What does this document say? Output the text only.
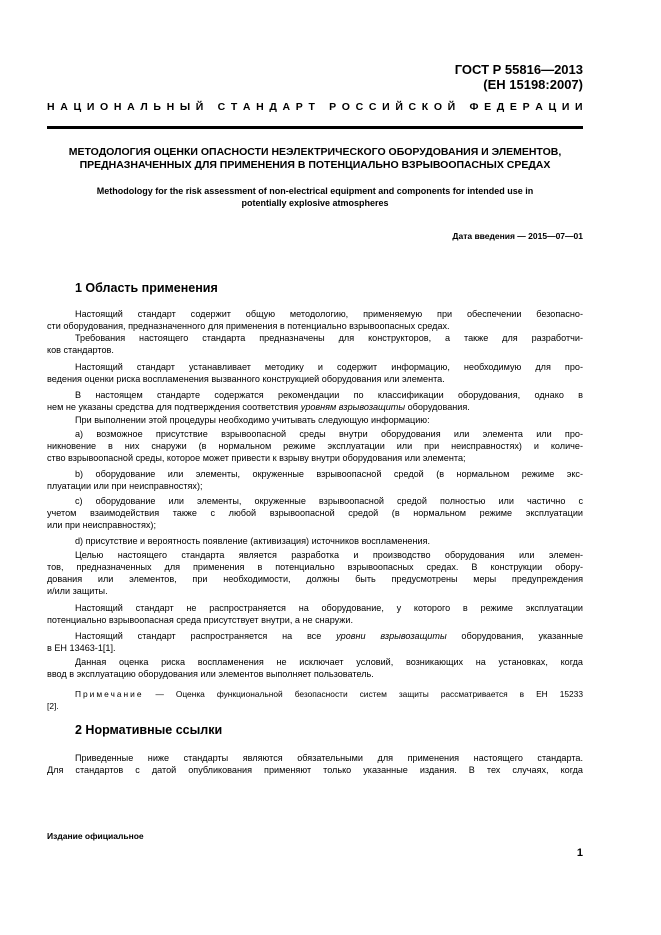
ГОСТ Р 55816—2013
(ЕН 15198:2007)
Н А Ц И О Н А Л Ь Н Ы Й
С Т А Н Д А Р Т
Р О С С И Й С К О Й
Ф Е Д Е Р А Ц И И
МЕТОДОЛОГИЯ ОЦЕНКИ ОПАСНОСТИ НЕЭЛЕКТРИЧЕСКОГО ОБОРУДОВАНИЯ И ЭЛЕМЕНТОВ,
ПРЕДНАЗНАЧЕННЫХ ДЛЯ ПРИМЕНЕНИЯ В ПОТЕНЦИАЛЬНО ВЗРЫВООПАСНЫХ СРЕДАХ
Methodology for the risk assessment of non-electrical equipment and components for intended use in
potentially explosive atmospheres
Дата введения — 2015—07—01
1 Область применения
Настоящий стандарт содержит общую методологию, применяемую при обеспечении безопасно-
сти оборудования, предназначенного для применения в потенциально взрывоопасных средах.
Требования настоящего стандарта предназначены для конструкторов, а также для разработчи-
ков стандартов.
Настоящий стандарт устанавливает методику и содержит информацию, необходимую для про-
ведения оценки риска воспламенения вызванного конструкцией оборудования или элемента.
В настоящем стандарте содержатся рекомендации по классификации оборудования, однако в
нем не указаны средства для подтверждения соответствия уровням взрывозащиты оборудования.
При выполнении этой процедуры необходимо учитывать следующую информацию:
а) возможное присутствие взрывоопасной среды внутри оборудования или элемента или про-
никновение в них снаружи (в нормальном режиме эксплуатации или при неисправностях) и количе-
ство взрывоопасной среды, которое может привести к взрыву внутри оборудования или элемента;
b) оборудование или элементы, окруженные взрывоопасной средой (в нормальном режиме экс-
плуатации или при неисправностях);
c) оборудование или элементы, окруженные взрывоопасной средой полностью или частично с
учетом взаимодействия также с любой взрывоопасной средой (в нормальном режиме эксплуатации
или при неисправностях);
d) присутствие и вероятность появление (активизация) источников воспламенения.
Целью настоящего стандарта является разработка и производство оборудования или элемен-
тов, предназначенных для применения в потенциально взрывоопасных средах. В конструкции обору-
дования или элементов, при необходимости, должны быть предусмотрены меры предупреждения
и/или защиты.
Настоящий стандарт не распространяется на оборудование, у которого в режиме эксплуатации
потенциально взрывоопасная среда присутствует внутри, а не снаружи.
Настоящий стандарт распространяется на все уровни взрывозащиты оборудования, указанные
в ЕН 13463-1[1].
Данная оценка риска воспламенения не исключает условий, возникающих на установках, когда
ввод в эксплуатацию оборудования или элементов выполняет пользователь.
Примечание — Оценка функциональной безопасности систем защиты рассматривается в ЕН 15233
[2].
2 Нормативные ссылки
Приведенные ниже стандарты являются обязательными для применения настоящего стандарта.
Для стандартов с датой опубликования применяют только указанные издания. В тех случаях, когда
Издание официальное
1
